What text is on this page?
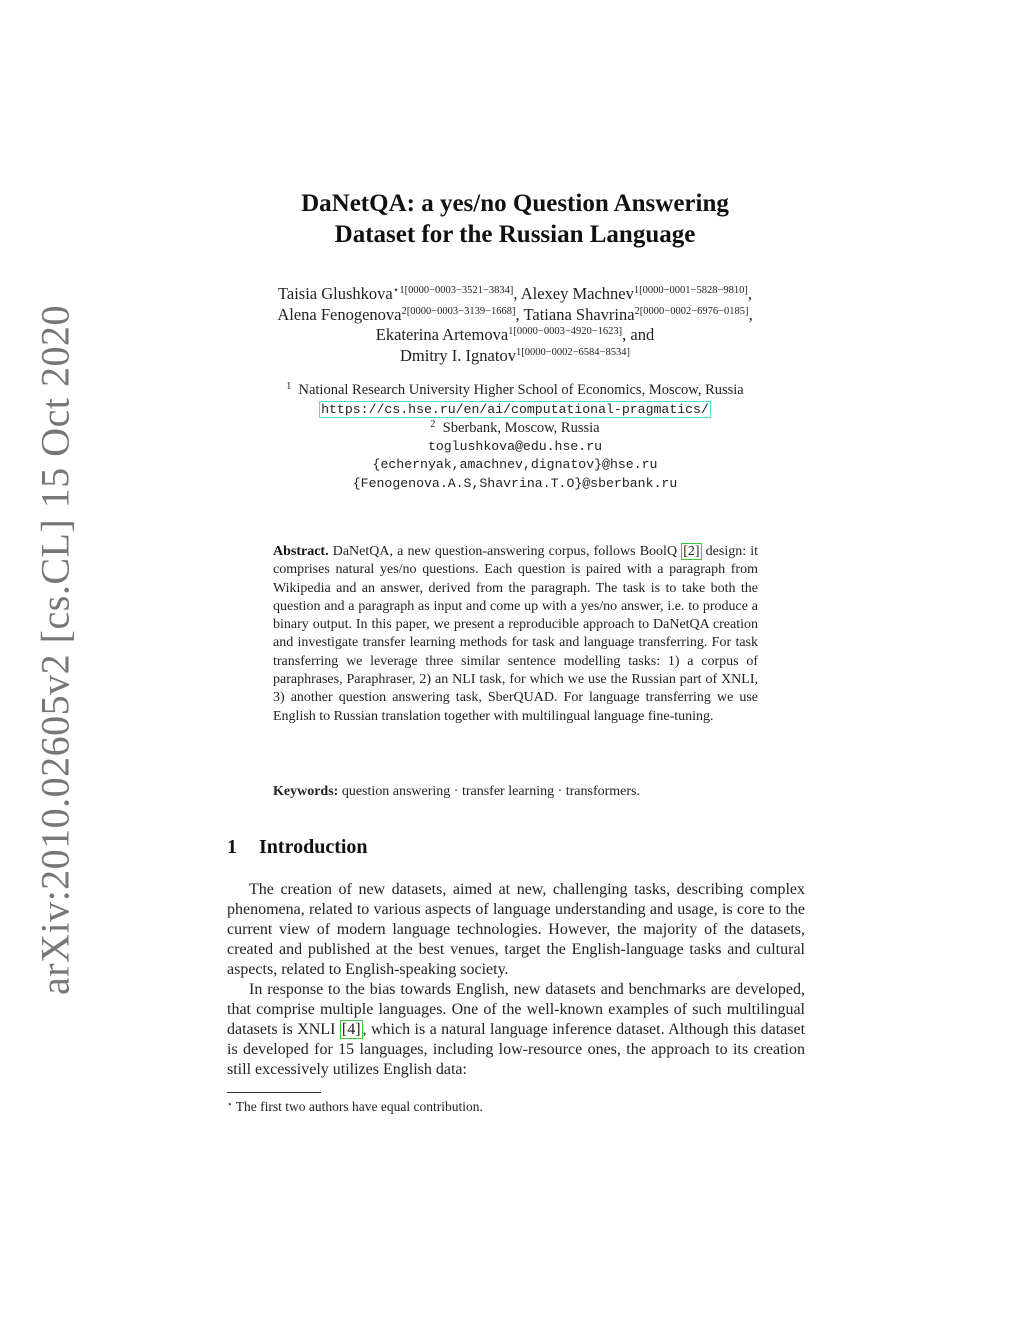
arXiv:2010.02605v2 [cs.CL] 15 Oct 2020
DaNetQA: a yes/no Question Answering
Dataset for the Russian Language
Taisia Glushkova$^{⋆1[0000-0003-3521-3834]}$, Alexey Machnev$^{1[0000-0001-5828-9810]}$,
Alena Fenogenova$^{2[0000-0003-3139-1668]}$, Tatiana Shavrina$^{2[0000-0002-6976-0185]}$,
Ekaterina Artemova$^{1[0000-0003-4920-1623]}$, and
Dmitry I. Ignatov$^{1[0000-0002-6584-8534]}$
$^1$ National Research University Higher School of Economics, Moscow, Russia
https://cs.hse.ru/en/ai/computational-pragmatics/
$^2$ Sberbank, Moscow, Russia
toglushkova@edu.hse.ru
{echernyak,amachnev,dignatov}@hse.ru
{Fenogenova.A.S,Shavrina.T.O}@sberbank.ru
Abstract. DaNetQA, a new question-answering corpus, follows BoolQ [2] design: it comprises natural yes/no questions. Each question is paired with a paragraph from Wikipedia and an answer, derived from the paragraph. The task is to take both the question and a paragraph as input and come up with a yes/no answer, i.e. to produce a binary output. In this paper, we present a reproducible approach to DaNetQA creation and investigate transfer learning methods for task and language transferring. For task transferring we leverage three similar sentence modelling tasks: 1) a corpus of paraphrases, Paraphraser, 2) an NLI task, for which we use the Russian part of XNLI, 3) another question answering task, SberQUAD. For language transferring we use English to Russian translation together with multilingual language fine-tuning.
Keywords: question answering · transfer learning · transformers.
1 Introduction

The creation of new datasets, aimed at new, challenging tasks, describing complex phenomena, related to various aspects of language understanding and usage, is core to the current view of modern language technologies. However, the majority of the datasets, created and published at the best venues, target the English-language tasks and cultural aspects, related to English-speaking society.

In response to the bias towards English, new datasets and benchmarks are developed, that comprise multiple languages. One of the well-known examples of such multilingual datasets is XNLI [4] , which is a natural language inference dataset. Although this dataset is developed for 15 languages, including low-resource ones, the approach to its creation still excessively utilizes English data:

⋆ The first two authors have equal contribution.
